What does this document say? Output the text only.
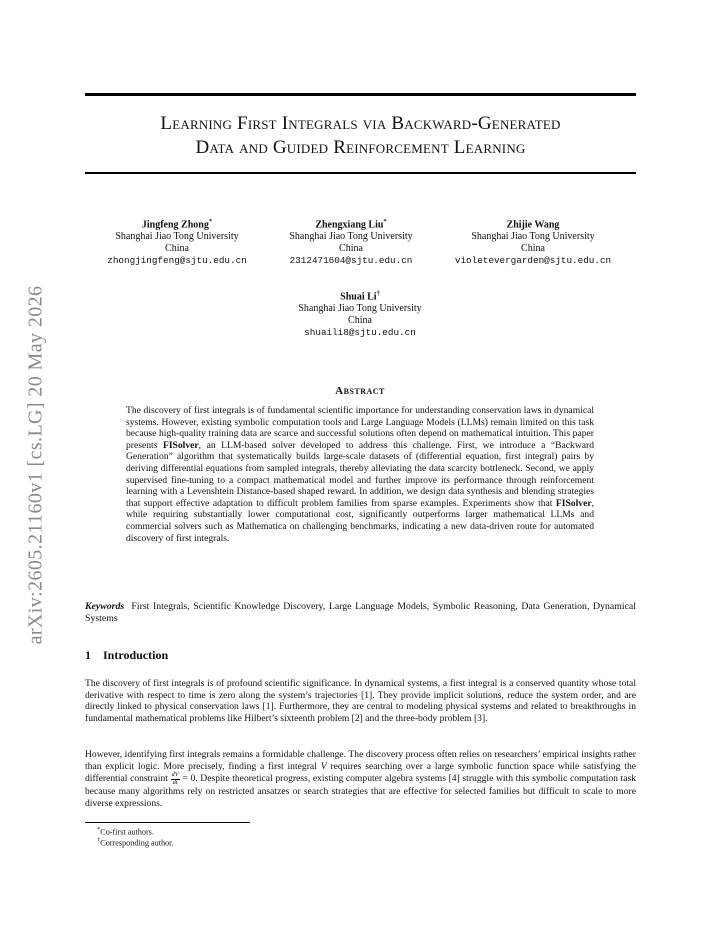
arXiv:2605.21160v1 [cs.LG] 20 May 2026
Learning First Integrals via Backward-Generated
Data and Guided Reinforcement Learning
Jingfeng Zhong*
Shanghai Jiao Tong University
China
zhongjingfeng@sjtu.edu.cn
Zhengxiang Liu*
Shanghai Jiao Tong University
China
2312471604@sjtu.edu.cn
Zhijie Wang
Shanghai Jiao Tong University
China
violetevergarden@sjtu.edu.cn
Shuai Li†
Shanghai Jiao Tong University
China
shuaili8@sjtu.edu.cn
Abstract
The discovery of first integrals is of fundamental scientific importance for understanding conservation laws in dynamical systems. However, existing symbolic computation tools and Large Language Models (LLMs) remain limited on this task because high-quality training data are scarce and successful solutions often depend on mathematical intuition. This paper presents FISolver, an LLM-based solver developed to address this challenge. First, we introduce a “Backward Generation” algorithm that systematically builds large-scale datasets of (differential equation, first integral) pairs by deriving differential equations from sampled integrals, thereby alleviating the data scarcity bottleneck. Second, we apply supervised fine-tuning to a compact mathematical model and further improve its performance through reinforcement learning with a Levenshtein Distance-based shaped reward. In addition, we design data synthesis and blending strategies that support effective adaptation to difficult problem families from sparse examples. Experiments show that FISolver, while requiring substantially lower computational cost, significantly outperforms larger mathematical LLMs and commercial solvers such as Mathematica on challenging benchmarks, indicating a new data-driven route for automated discovery of first integrals.
Keywords First Integrals, Scientific Knowledge Discovery, Large Language Models, Symbolic Reasoning, Data Generation, Dynamical Systems
1 Introduction
The discovery of first integrals is of profound scientific significance. In dynamical systems, a first integral is a conserved quantity whose total derivative with respect to time is zero along the system’s trajectories [1]. They provide implicit solutions, reduce the system order, and are directly linked to physical conservation laws [1]. Furthermore, they are central to modeling physical systems and related to breakthroughs in fundamental mathematical problems like Hilbert’s sixteenth problem [2] and the three-body problem [3].
However, identifying first integrals remains a formidable challenge. The discovery process often relies on researchers’ empirical insights rather than explicit logic. More precisely, finding a first integral V requires searching over a large symbolic function space while satisfying the differential constraint $\frac{dV}{dt} = 0$. Despite theoretical progress, existing computer algebra systems [4] struggle with this symbolic computation task because many algorithms rely on restricted ansatzes or search strategies that are effective for selected families but difficult to scale to more diverse expressions.
*Co-first authors.
†Corresponding author.
